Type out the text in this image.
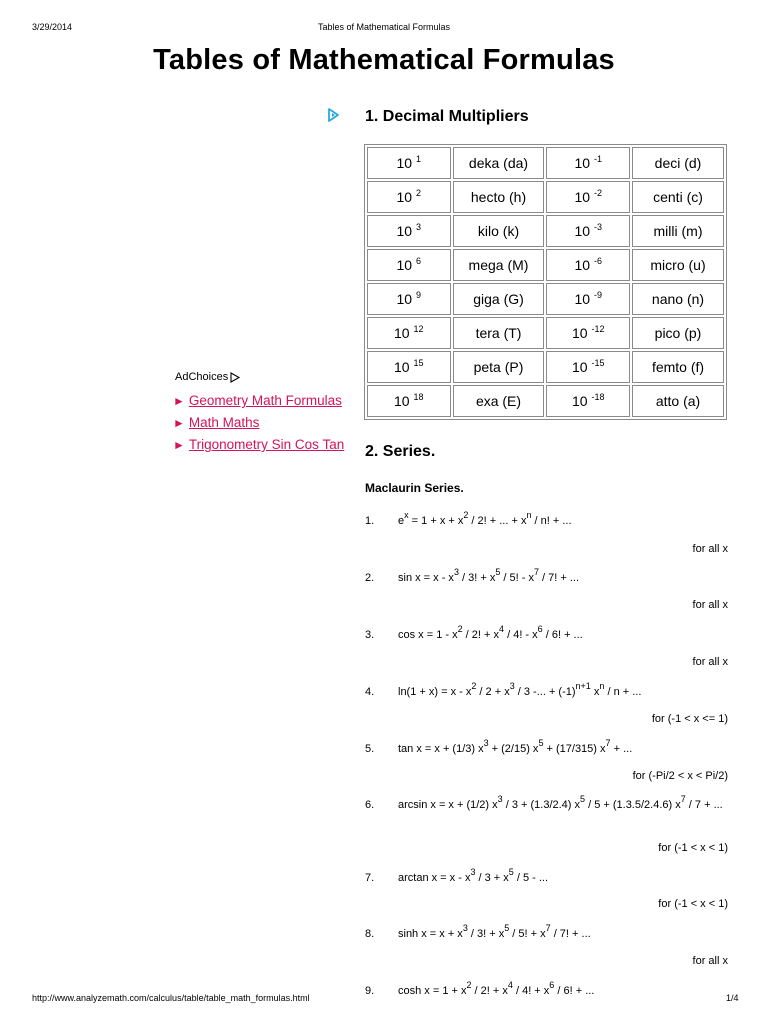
3/29/2014	Tables of Mathematical Formulas
Tables of Mathematical Formulas
AdChoices
► Geometry Math Formulas
► Math Maths
► Trigonometry Sin Cos Tan
1. Decimal Multipliers
10 $^1$	deka (da)	10 $^{-1}$	deci (d)
10 $^2$	hecto (h)	10 $^{-2}$	centi (c)
10 $^3$	kilo (k)	10 $^{-3}$	milli (m)
10 $^6$	mega (M)	10 $^{-6}$	micro (u)
10 $^9$	giga (G)	10 $^{-9}$	nano (n)
10 $^{12}$	tera (T)	10 $^{-12}$	pico (p)
10 $^{15}$	peta (P)	10 $^{-15}$	femto (f)
10 $^{18}$	exa (E)	10 $^{-18}$	atto (a)
2. Series.
Maclaurin Series.
1. $e^x = 1 + x + x^2 / 2$! + ... + $x^n$ / n! + ...
for all x
2. $\sin x = x - x^3 / 3$! + $x^5 / 5$! - $x^7 / 7$! + ...
for all x
3. $\cos x = 1 - x^2 / 2$! + $x^4 / 4$! - $x^6 / 6$! + ...
for all x
4. $\ln(1 + x) = x - x^2 / 2 + x^3 / 3$ -... + $(-1)^{n+1}$ $x^n$ / n + ...
for (-1 < x <= 1)
5. tan x = x + (1/3) $x^3 + (2/15) x^5 + (17/315) x^7$ + ...
for (-Pi/2 < x < Pi/2)
6. arcsin x = x + (1/2) $x^3 / 3 + (1.3/2.4)$ $x^5 / 5 + (1.3.5/2.4.6)$ $x^7 / 7$ + ...
for (-1 < x < 1)
7. $\arctan x = x - x^3 / 3 + x^5 / 5$ - ...
for (-1 < x < 1)
8. $\sinh x = x + x^3 / 3$! + $x^5 / 5$! + $x^7 / 7$! + ...
for all x
9. $\cosh x = 1 + x^2 / 2$! + $x^4 / 4$! + $x^6 / 6$! + ...
http://www.analyzemath.com/calculus/table/table_math_formulas.html	1/4
